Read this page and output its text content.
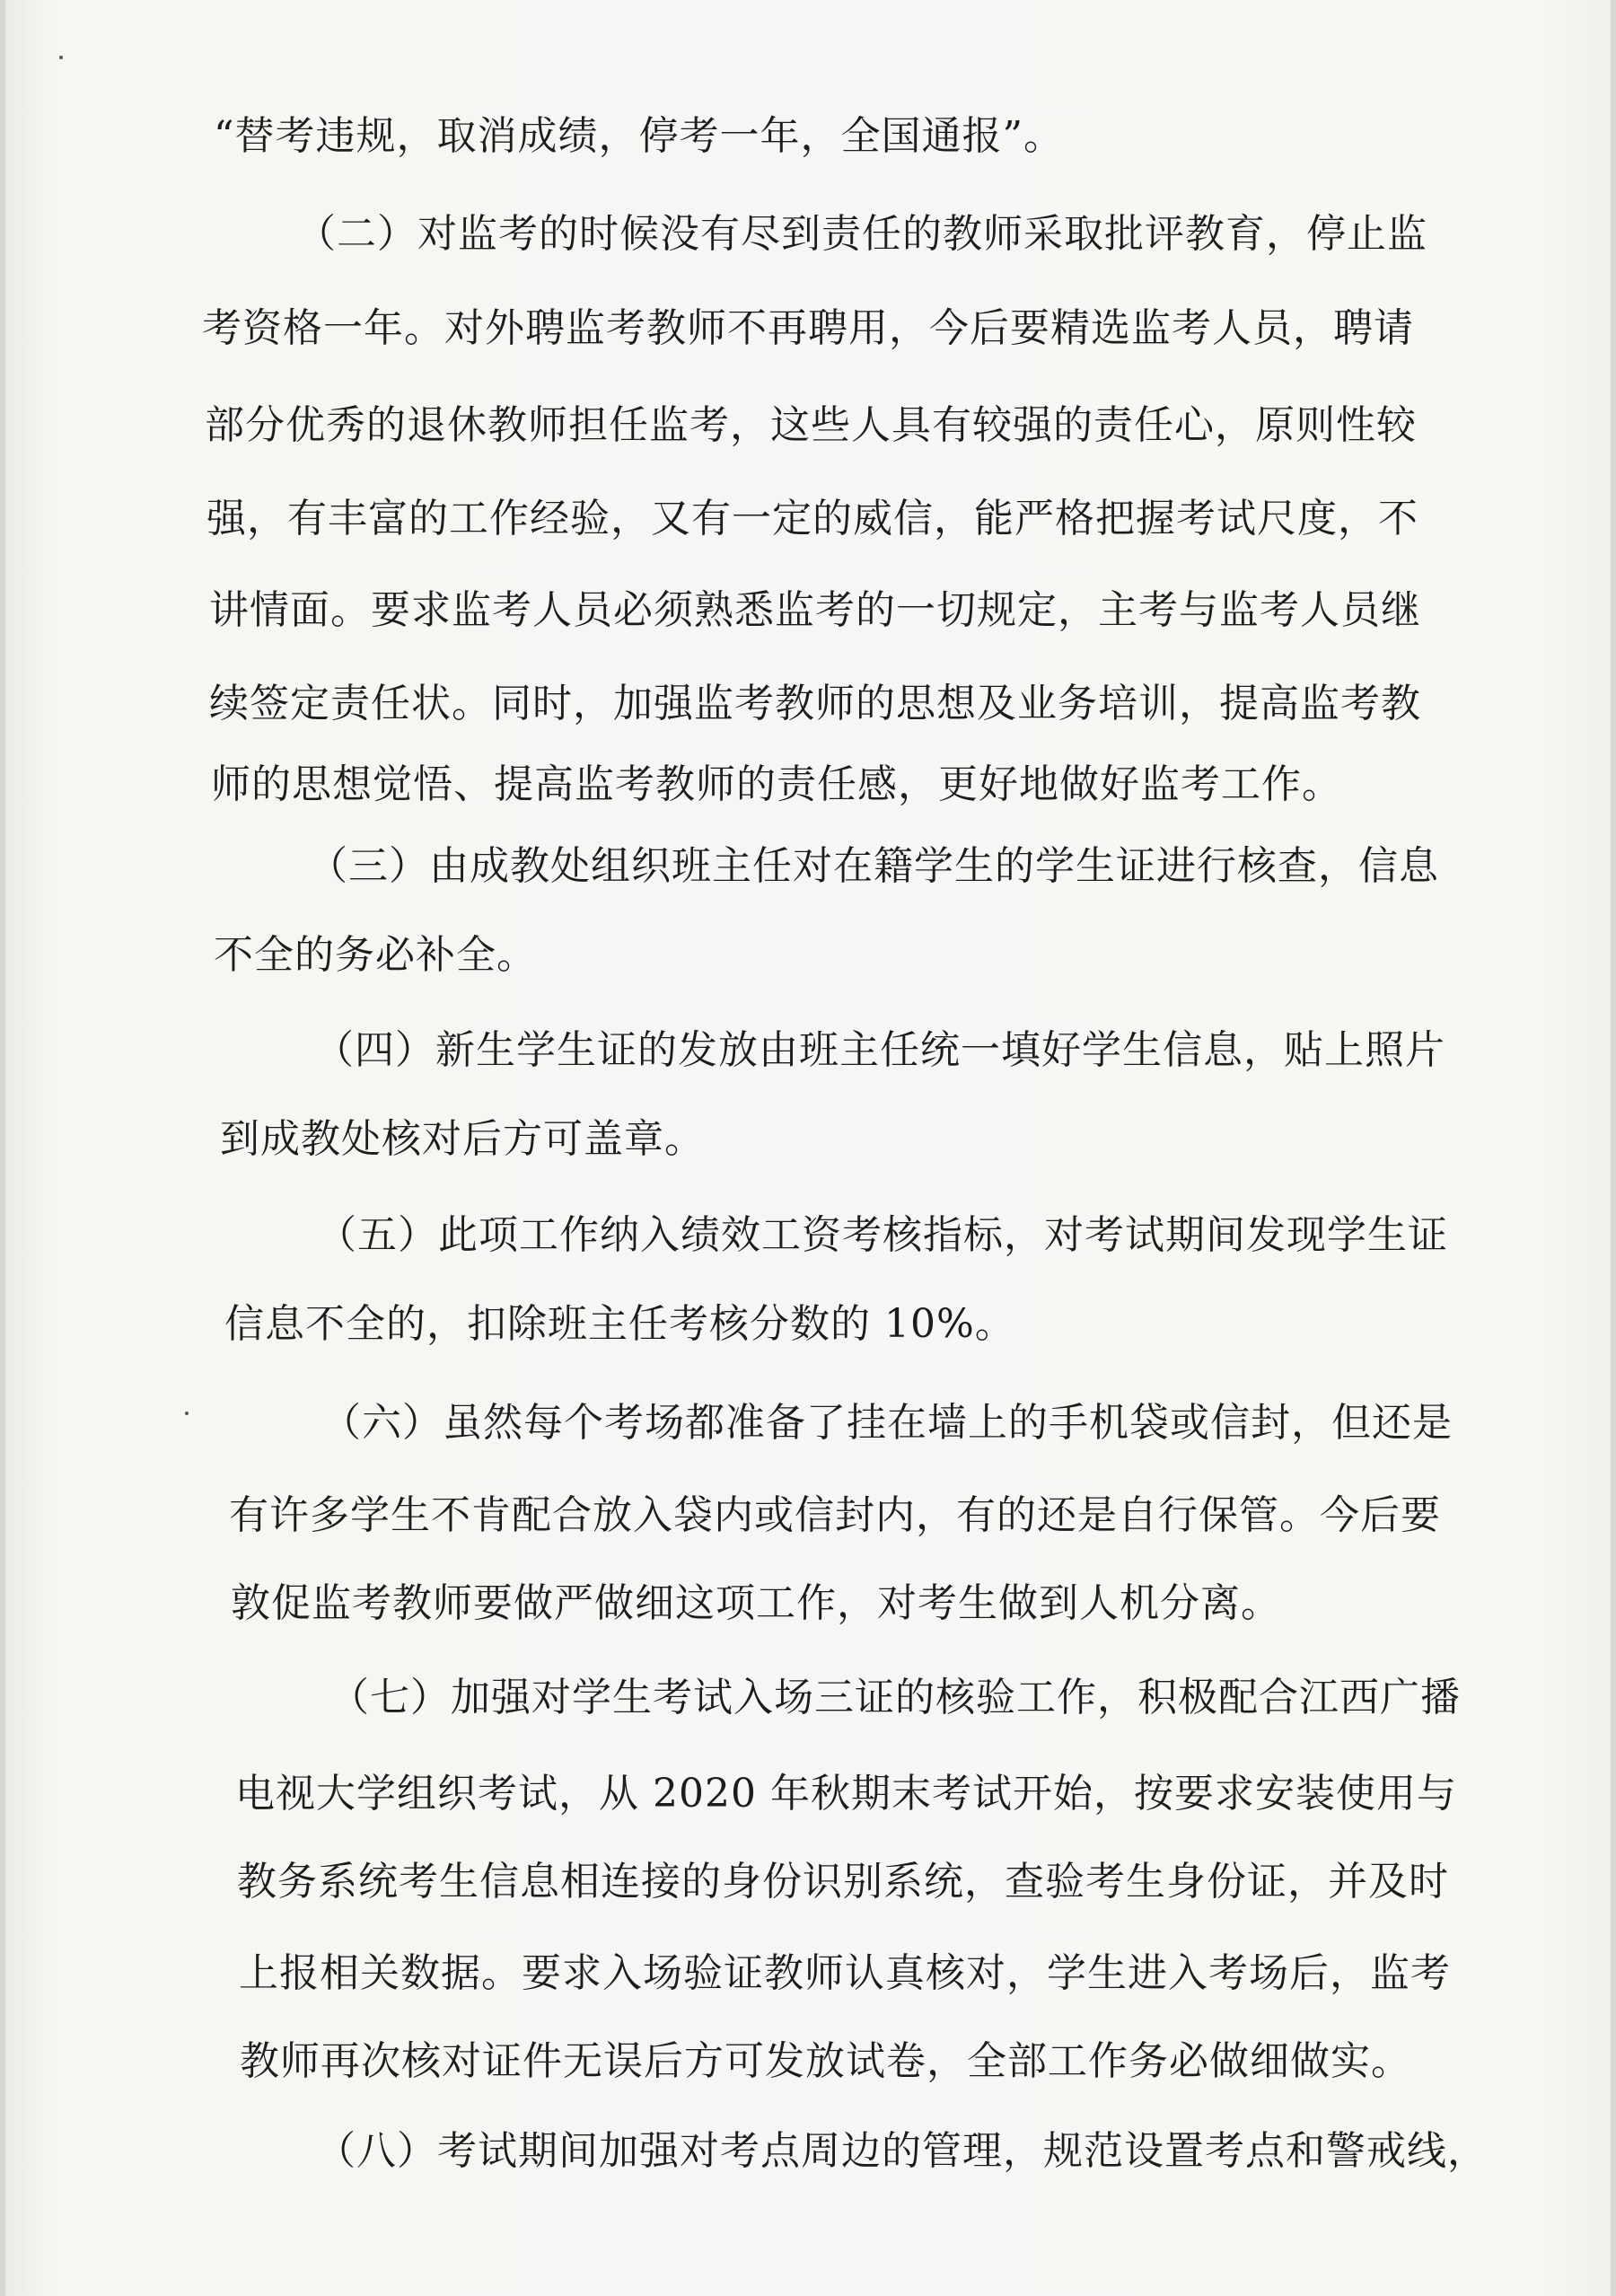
“替考违规，取消成绩，停考一年，全国通报”。

（二）对监考的时候没有尽到责任的教师采取批评教育，停止监

考资格一年。对外聘监考教师不再聘用，今后要精选监考人员，聘请

部分优秀的退休教师担任监考，这些人具有较强的责任心，原则性较

强，有丰富的工作经验，又有一定的威信，能严格把握考试尺度，不

讲情面。要求监考人员必须熟悉监考的一切规定，主考与监考人员继

续签定责任状。同时，加强监考教师的思想及业务培训，提高监考教

师的思想觉悟、提高监考教师的责任感，更好地做好监考工作。

（三）由成教处组织班主任对在籍学生的学生证进行核查，信息

不全的务必补全。

（四）新生学生证的发放由班主任统一填好学生信息，贴上照片

到成教处核对后方可盖章。

（五）此项工作纳入绩效工资考核指标，对考试期间发现学生证

信息不全的，扣除班主任考核分数的 10%。

（六）虽然每个考场都准备了挂在墙上的手机袋或信封，但还是

有许多学生不肯配合放入袋内或信封内，有的还是自行保管。今后要

敦促监考教师要做严做细这项工作，对考生做到人机分离。

（七）加强对学生考试入场三证的核验工作，积极配合江西广播

电视大学组织考试，从 2020 年秋期末考试开始，按要求安装使用与

教务系统考生信息相连接的身份识别系统，查验考生身份证，并及时

上报相关数据。要求入场验证教师认真核对，学生进入考场后，监考

教师再次核对证件无误后方可发放试卷，全部工作务必做细做实。

（八）考试期间加强对考点周边的管理，规范设置考点和警戒线，
